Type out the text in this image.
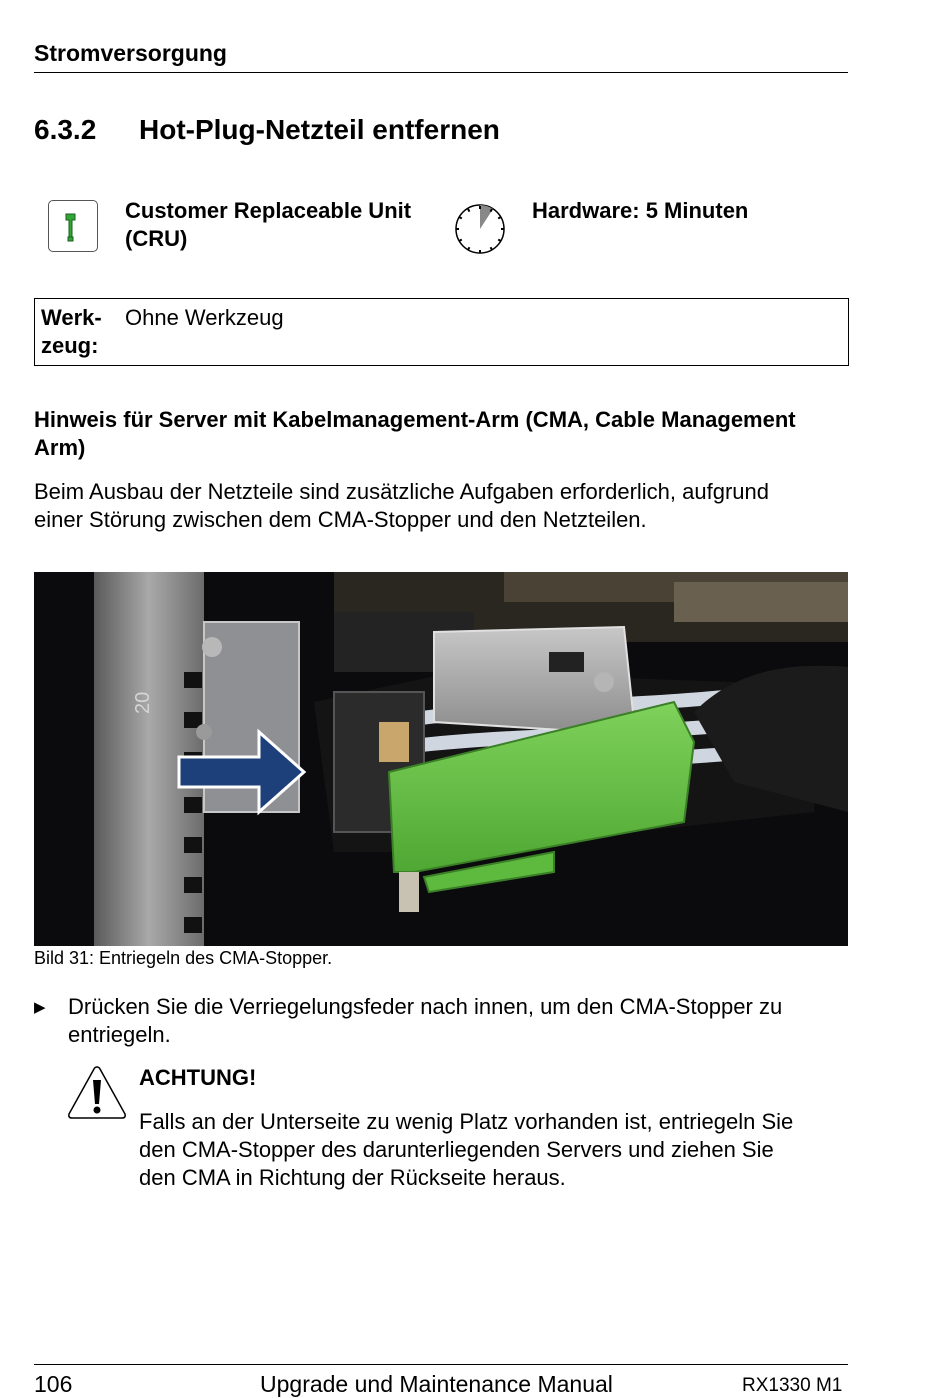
Stromversorgung
6.3.2 Hot-Plug-Netzteil entfernen
Customer Replaceable Unit
(CRU)
Hardware: 5 Minuten
Werk-
zeug:
Ohne Werkzeug
Hinweis für Server mit Kabelmanagement-Arm (CMA, Cable Management
Arm)
Beim Ausbau der Netzteile sind zusätzliche Aufgaben erforderlich, aufgrund
einer Störung zwischen dem CMA-Stopper und den Netzteilen.
20
Bild 31: Entriegeln des CMA-Stopper.
▶ Drücken Sie die Verriegelungsfeder nach innen, um den CMA-Stopper zu
entriegeln.
ACHTUNG!
Falls an der Unterseite zu wenig Platz vorhanden ist, entriegeln Sie
den CMA-Stopper des darunterliegenden Servers und ziehen Sie
den CMA in Richtung der Rückseite heraus.
106	Upgrade und Maintenance Manual	RX1330 M1
